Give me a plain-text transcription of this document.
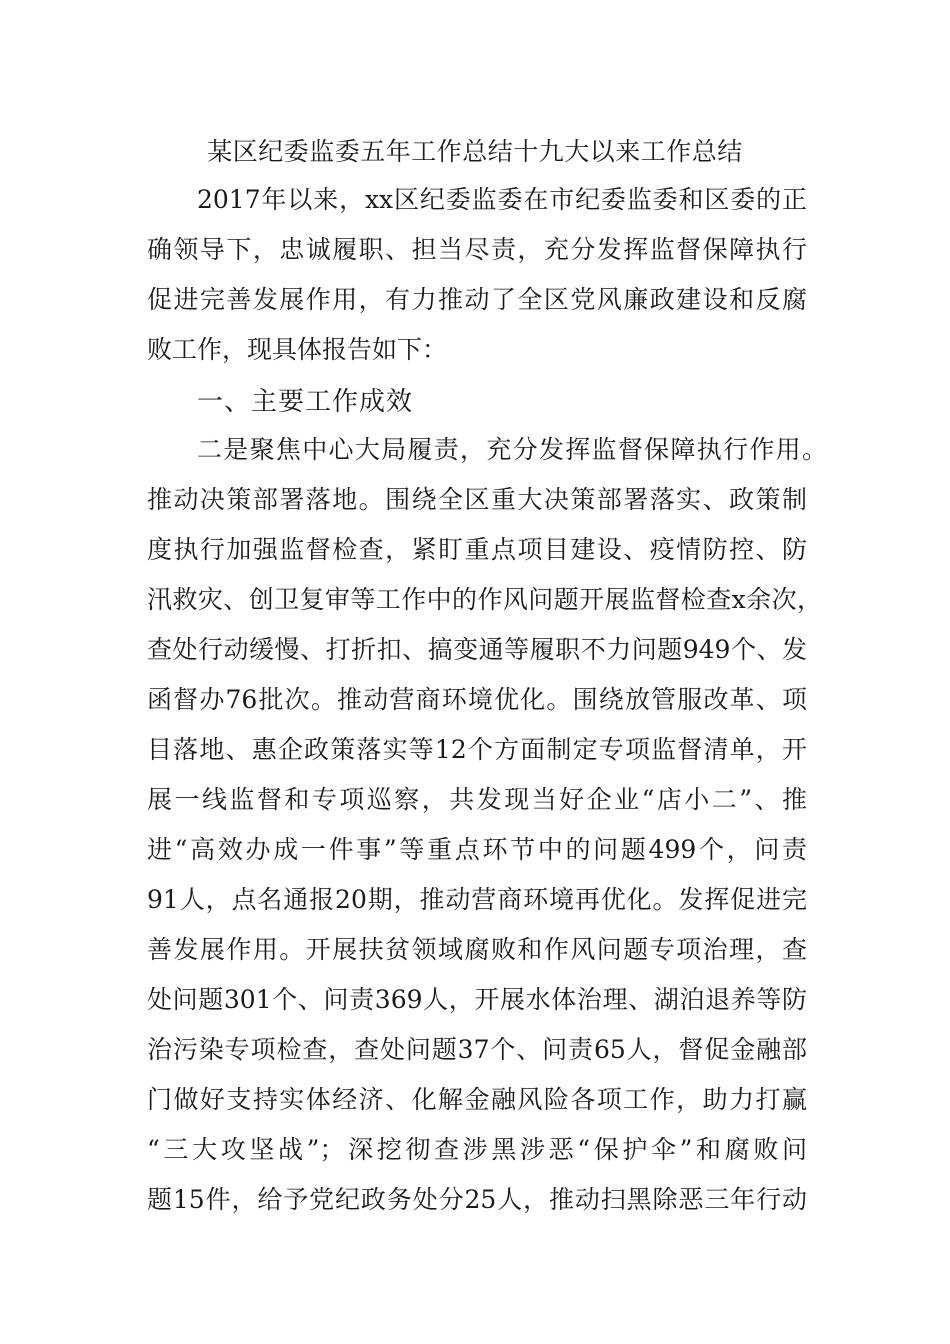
某区纪委监委五年工作总结十九大以来工作总结
2017年以来，xx区纪委监委在市纪委监委和区委的正
确领导下，忠诚履职、担当尽责，充分发挥监督保障执行
促进完善发展作用，有力推动了全区党风廉政建设和反腐
败工作，现具体报告如下：
一、主要工作成效
二是聚焦中心大局履责，充分发挥监督保障执行作用。
推动决策部署落地。围绕全区重大决策部署落实、政策制
度执行加强监督检查，紧盯重点项目建设、疫情防控、防
汛救灾、创卫复审等工作中的作风问题开展监督检查x余次，
查处行动缓慢、打折扣、搞变通等履职不力问题949个、发
函督办76批次。推动营商环境优化。围绕放管服改革、项
目落地、惠企政策落实等12个方面制定专项监督清单，开
展一线监督和专项巡察，共发现当好企业“店小二”、推
进“高效办成一件事”等重点环节中的问题499个，问责
91人，点名通报20期，推动营商环境再优化。发挥促进完
善发展作用。开展扶贫领域腐败和作风问题专项治理，查
处问题301个、问责369人，开展水体治理、湖泊退养等防
治污染专项检查，查处问题37个、问责65人，督促金融部
门做好支持实体经济、化解金融风险各项工作，助力打赢
“三大攻坚战”；深挖彻查涉黑涉恶“保护伞”和腐败问
题15件，给予党纪政务处分25人，推动扫黑除恶三年行动
